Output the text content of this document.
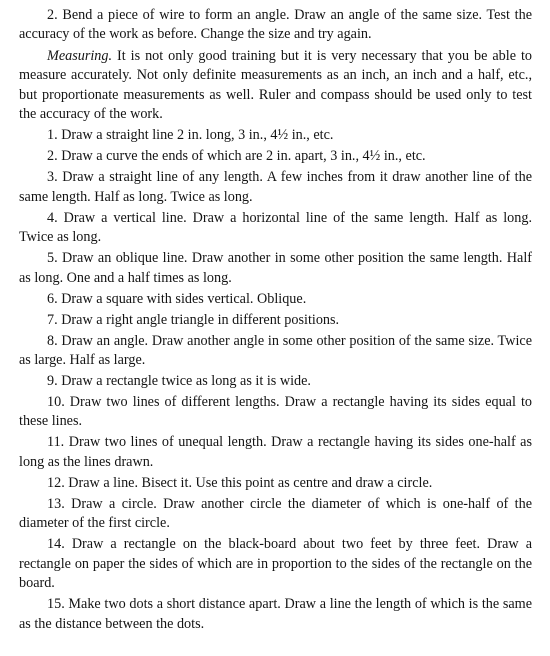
2. Bend a piece of wire to form an angle. Draw an angle of the same size. Test the accuracy of the work as before. Change the size and try again.

Measuring. It is not only good training but it is very necessary that you be able to measure accurately. Not only definite measurements as an inch, an inch and a half, etc., but proportionate measurements as well. Ruler and compass should be used only to test the accuracy of the work.

1. Draw a straight line 2 in. long, 3 in., 4½ in., etc.

2. Draw a curve the ends of which are 2 in. apart, 3 in., 4½ in., etc.

3. Draw a straight line of any length. A few inches from it draw another line of the same length. Half as long. Twice as long.

4. Draw a vertical line. Draw a horizontal line of the same length. Half as long. Twice as long.

5. Draw an oblique line. Draw another in some other position the same length. Half as long. One and a half times as long.

6. Draw a square with sides vertical. Oblique.

7. Draw a right angle triangle in different positions.

8. Draw an angle. Draw another angle in some other position of the same size. Twice as large. Half as large.

9. Draw a rectangle twice as long as it is wide.

10. Draw two lines of different lengths. Draw a rectangle having its sides equal to these lines.

11. Draw two lines of unequal length. Draw a rectangle having its sides one-half as long as the lines drawn.

12. Draw a line. Bisect it. Use this point as centre and draw a circle.

13. Draw a circle. Draw another circle the diameter of which is one-half of the diameter of the first circle.

14. Draw a rectangle on the black-board about two feet by three feet. Draw a rectangle on paper the sides of which are in proportion to the sides of the rectangle on the board.

15. Make two dots a short distance apart. Draw a line the length of which is the same as the distance between the dots.
